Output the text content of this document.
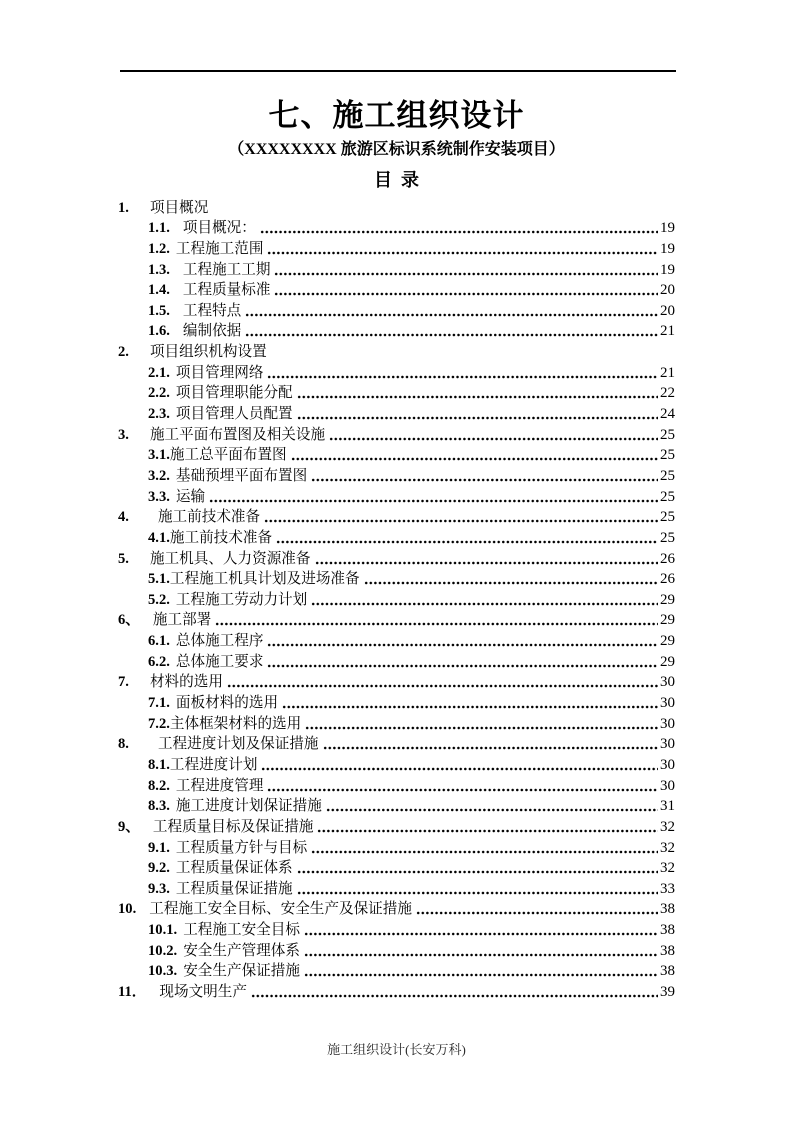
七、施工组织设计
（XXXXXXXX 旅游区标识系统制作安装项目）
目  录
1. 项目概况
1.1. 项目概况：	19
1.2. 工程施工范围	19
1.3. 工程施工工期	19
1.4. 工程质量标准	20
1.5. 工程特点	20
1.6. 编制依据	21
2. 项目组织机构设置
2.1. 项目管理网络	21
2.2. 项目管理职能分配	22
2.3. 项目管理人员配置	24
3. 施工平面布置图及相关设施	25
3.1. 施工总平面布置图	25
3.2. 基础预埋平面布置图	25
3.3. 运输	25
4. 施工前技术准备	25
4.1. 施工前技术准备	25
5. 施工机具、人力资源准备	26
5.1. 工程施工机具计划及进场准备	26
5.2. 工程施工劳动力计划	29
6、 施工部署	29
6.1. 总体施工程序	29
6.2. 总体施工要求	29
7. 材料的选用	30
7.1. 面板材料的选用	30
7.2. 主体框架材料的选用	30
8. 工程进度计划及保证措施	30
8.1. 工程进度计划	30
8.2. 工程进度管理	30
8.3. 施工进度计划保证措施	31
9、 工程质量目标及保证措施	32
9.1. 工程质量方针与目标	32
9.2. 工程质量保证体系	32
9.3. 工程质量保证措施	33
10. 工程施工安全目标、安全生产及保证措施	38
10.1. 工程施工安全目标	38
10.2. 安全生产管理体系	38
10.3. 安全生产保证措施	38
11． 现场文明生产	39
施工组织设计(长安万科)
